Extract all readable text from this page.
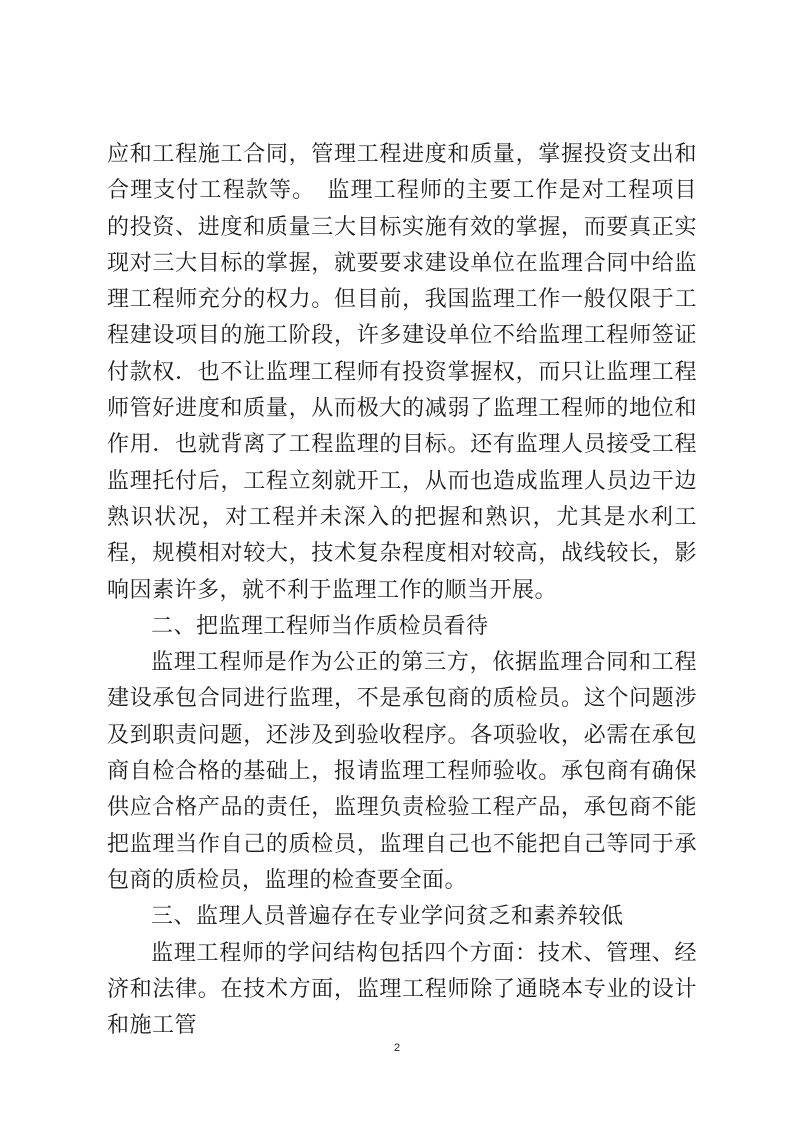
应和工程施工合同，管理工程进度和质量，掌握投资支出和合理支付工程款等。　监理工程师的主要工作是对工程项目的投资、进度和质量三大目标实施有效的掌握，而要真正实现对三大目标的掌握，就要要求建设单位在监理合同中给监理工程师充分的权力。但目前，我国监理工作一般仅限于工程建设项目的施工阶段，许多建设单位不给监理工程师签证付款权．也不让监理工程师有投资掌握权，而只让监理工程师管好进度和质量，从而极大的减弱了监理工程师的地位和作用．也就背离了工程监理的目标。还有监理人员接受工程监理托付后，工程立刻就开工，从而也造成监理人员边干边熟识状况，对工程并未深入的把握和熟识，尤其是水利工程，规模相对较大，技术复杂程度相对较高，战线较长，影响因素许多，就不利于监理工作的顺当开展。

二、把监理工程师当作质检员看待

监理工程师是作为公正的第三方，依据监理合同和工程建设承包合同进行监理，不是承包商的质检员。这个问题涉及到职责问题，还涉及到验收程序。各项验收，必需在承包商自检合格的基础上，报请监理工程师验收。承包商有确保供应合格产品的责任，监理负责检验工程产品，承包商不能把监理当作自己的质检员，监理自己也不能把自己等同于承包商的质检员，监理的检查要全面。

三、监理人员普遍存在专业学问贫乏和素养较低

监理工程师的学问结构包括四个方面：技术、管理、经济和法律。在技术方面，监理工程师除了通晓本专业的设计和施工管

2
